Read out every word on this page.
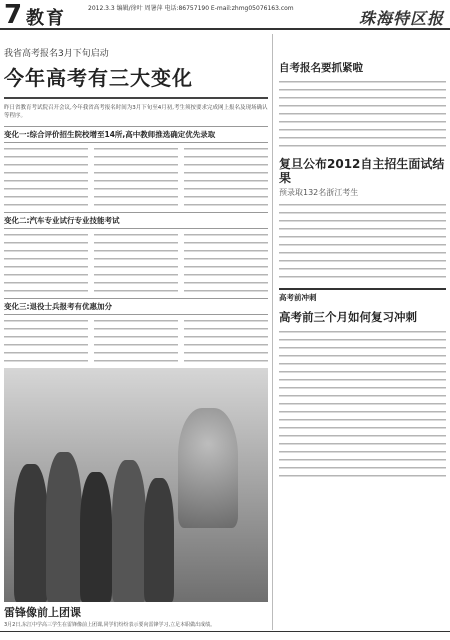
7 教育	2012.3.3 编辑/徐叶 周暑萍 电话:86757190 E-mail:zhmg05076163.com
珠海特区报
我省高考报名3月下旬启动
今年高考有三大变化
昨日省教育考试院召开会议,今年我省高考报名时间为3月下旬至4月初,考生须按要求完成网上报名及现场确认等程序。
变化一:综合评价招生院校增至14所,高中教师推选确定优先录取
变化二:汽车专业试行专业技能考试
变化三:退役士兵报考有优惠加分
雷锋像前上团课
3月2日,东江中学高三学生在雷锋像前上团课,同学们纷纷表示要向雷锋学习,立足本职做出成绩。
自考报名要抓紧啦
复旦公布2012自主招生面试结果
预录取132名浙江考生
高考前冲刺
高考前三个月如何复习冲刺
